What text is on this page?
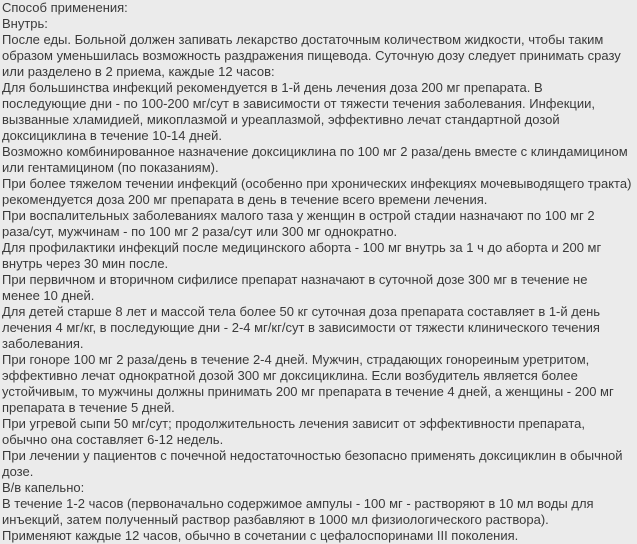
Способ применения:

Внутрь:

После еды. Больной должен запивать лекарство достаточным количеством жидкости, чтобы таким
образом уменьшилась возможность раздражения пищевода. Суточную дозу следует принимать сразу
или разделено в 2 приема, каждые 12 часов:

Для большинства инфекций рекомендуется в 1-й день лечения доза 200 мг препарата. В
последующие дни - по 100-200 мг/сут в зависимости от тяжести течения заболевания. Инфекции,
вызванные хламидией, микоплазмой и уреаплазмой, эффективно лечат стандартной дозой
доксициклина в течение 10-14 дней.

Возможно комбинированное назначение доксициклина по 100 мг 2 раза/день вместе с клиндамицином
или гентамицином (по показаниям).

При более тяжелом течении инфекций (особенно при хронических инфекциях мочевыводящего тракта)
рекомендуется доза 200 мг препарата в день в течение всего времени лечения.

При воспалительных заболеваниях малого таза у женщин в острой стадии назначают по 100 мг 2
раза/сут, мужчинам - по 100 мг 2 раза/сут или 300 мг однократно.

Для профилактики инфекций после медицинского аборта - 100 мг внутрь за 1 ч до аборта и 200 мг
внутрь через 30 мин после.

При первичном и вторичном сифилисе препарат назначают в суточной дозе 300 мг в течение не
менее 10 дней.

Для детей старше 8 лет и массой тела более 50 кг суточная доза препарата составляет в 1-й день
лечения 4 мг/кг, в последующие дни - 2-4 мг/кг/сут в зависимости от тяжести клинического течения
заболевания.

При гоноре 100 мг 2 раза/день в течение 2-4 дней. Мужчин, страдающих гонореиным уретритом,
эффективно лечат однократной дозой 300 мг доксициклина. Если возбудитель является более
устойчивым, то мужчины должны принимать 200 мг препарата в течение 4 дней, а женщины - 200 мг
препарата в течение 5 дней.

При угревой сыпи 50 мг/сут; продолжительность лечения зависит от эффективности препарата,
обычно она составляет 6-12 недель.

При лечении у пациентов с почечной недостаточностью безопасно применять доксициклин в обычной
дозе.

В/в капельно:

В течение 1-2 часов (первоначально содержимое ампулы - 100 мг - растворяют в 10 мл воды для
инъекций, затем полученный раствор разбавляют в 1000 мл физиологического раствора).

Применяют каждые 12 часов, обычно в сочетании с цефалоспоринами III поколения.
